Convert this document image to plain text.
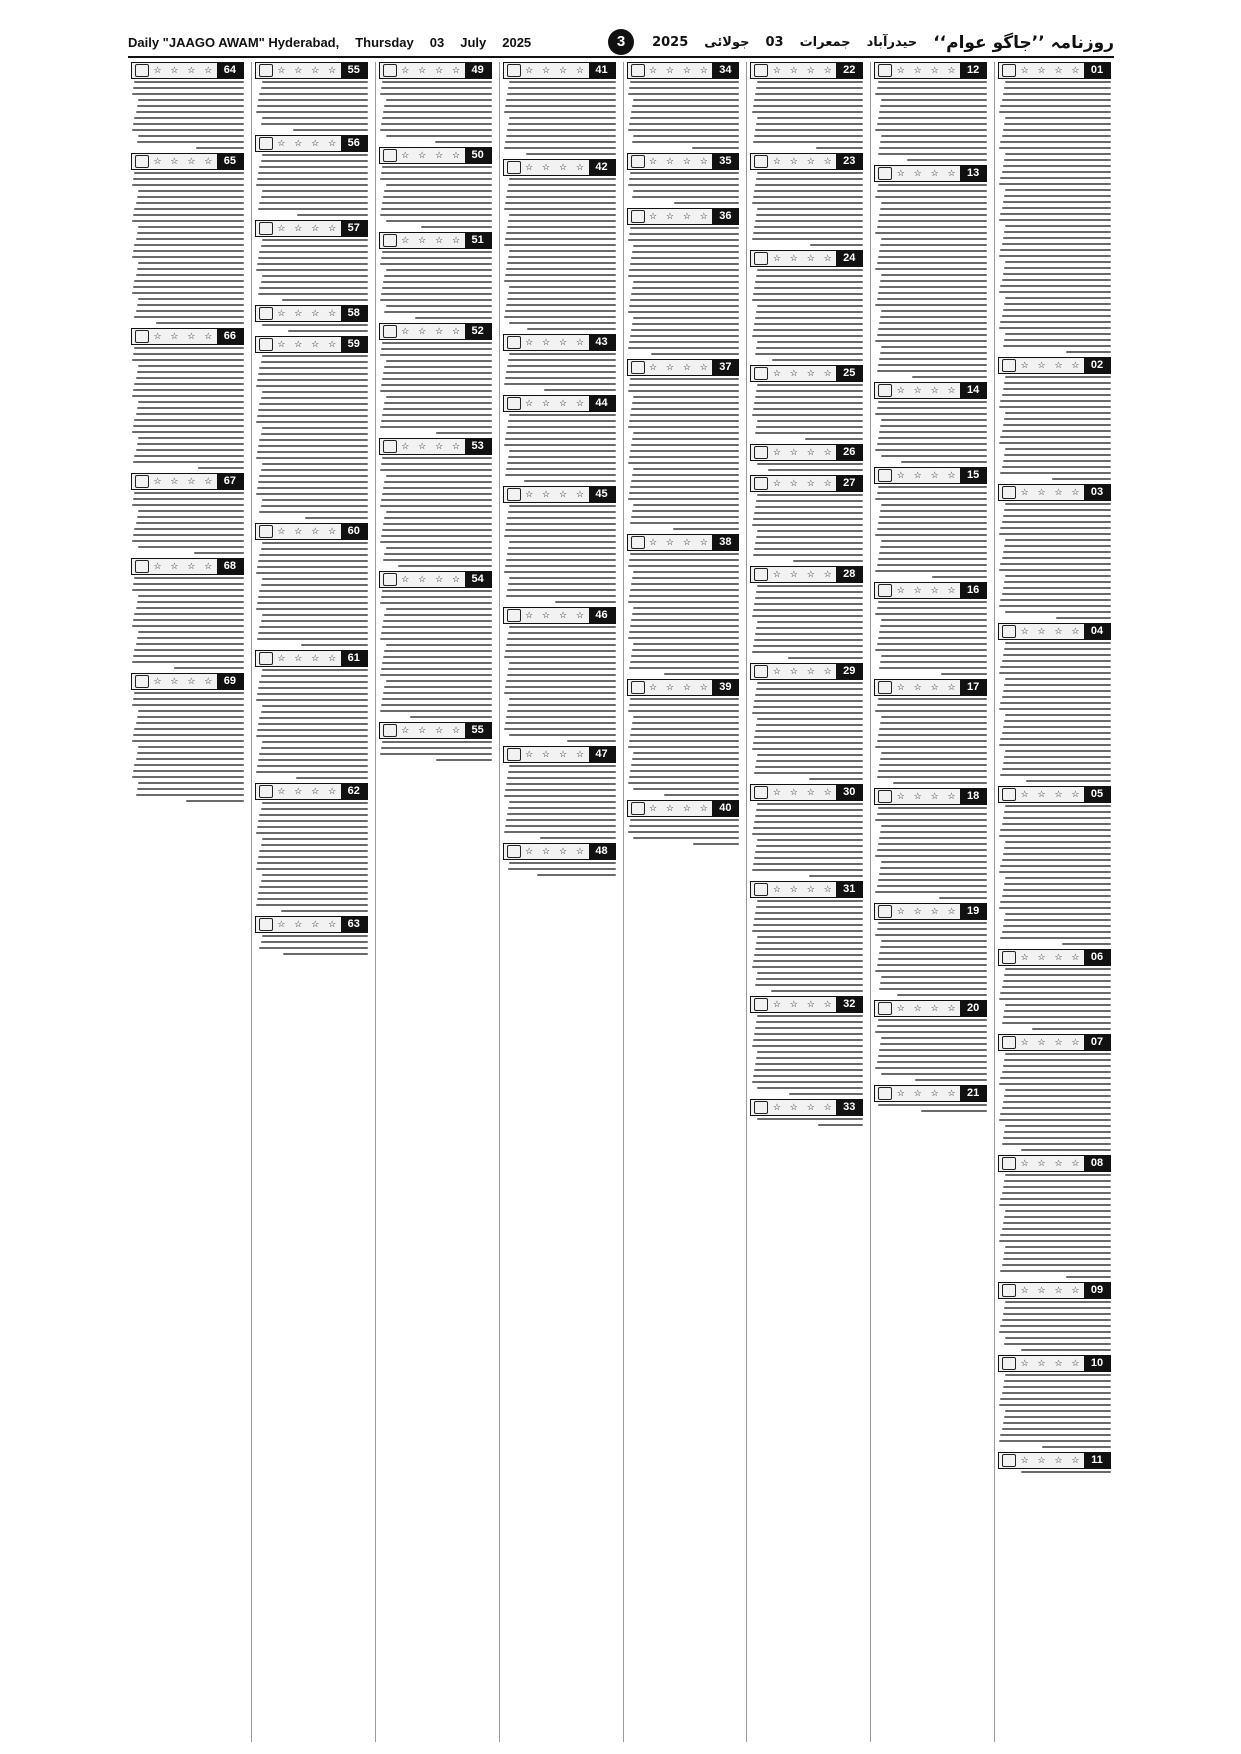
Daily "JAAGO AWAM" Hyderabad, Thursday 03 July 2025	3	روزنامہ ’’جاگو عوام‘‘
حیدرآباد
جمعرات
03
جولائی
2025
01
☆ ☆ ☆ ☆
02
☆ ☆ ☆ ☆
03
☆ ☆ ☆ ☆
04
☆ ☆ ☆ ☆
05
☆ ☆ ☆ ☆
06
☆ ☆ ☆ ☆
07
☆ ☆ ☆ ☆
08
☆ ☆ ☆ ☆
09
☆ ☆ ☆ ☆
10
☆ ☆ ☆ ☆
11
☆ ☆ ☆ ☆
12
☆ ☆ ☆ ☆
13
☆ ☆ ☆ ☆
14
☆ ☆ ☆ ☆
15
☆ ☆ ☆ ☆
16
☆ ☆ ☆ ☆
17
☆ ☆ ☆ ☆
18
☆ ☆ ☆ ☆
19
☆ ☆ ☆ ☆
20
☆ ☆ ☆ ☆
21
☆ ☆ ☆ ☆
22
☆ ☆ ☆ ☆
23
☆ ☆ ☆ ☆
24
☆ ☆ ☆ ☆
25
☆ ☆ ☆ ☆
26
☆ ☆ ☆ ☆
27
☆ ☆ ☆ ☆
28
☆ ☆ ☆ ☆
29
☆ ☆ ☆ ☆
30
☆ ☆ ☆ ☆
31
☆ ☆ ☆ ☆
32
☆ ☆ ☆ ☆
33
☆ ☆ ☆ ☆
34
☆ ☆ ☆ ☆
35
☆ ☆ ☆ ☆
36
☆ ☆ ☆ ☆
37
☆ ☆ ☆ ☆
38
☆ ☆ ☆ ☆
39
☆ ☆ ☆ ☆
40
☆ ☆ ☆ ☆
41
☆ ☆ ☆ ☆
42
☆ ☆ ☆ ☆
43
☆ ☆ ☆ ☆
44
☆ ☆ ☆ ☆
45
☆ ☆ ☆ ☆
46
☆ ☆ ☆ ☆
47
☆ ☆ ☆ ☆
48
☆ ☆ ☆ ☆
49
☆ ☆ ☆ ☆
50
☆ ☆ ☆ ☆
51
☆ ☆ ☆ ☆
52
☆ ☆ ☆ ☆
53
☆ ☆ ☆ ☆
54
☆ ☆ ☆ ☆
55
☆ ☆ ☆ ☆
55
☆ ☆ ☆ ☆
56
☆ ☆ ☆ ☆
57
☆ ☆ ☆ ☆
58
☆ ☆ ☆ ☆
59
☆ ☆ ☆ ☆
60
☆ ☆ ☆ ☆
61
☆ ☆ ☆ ☆
62
☆ ☆ ☆ ☆
63
☆ ☆ ☆ ☆
64
☆ ☆ ☆ ☆
65
☆ ☆ ☆ ☆
66
☆ ☆ ☆ ☆
67
☆ ☆ ☆ ☆
68
☆ ☆ ☆ ☆
69
☆ ☆ ☆ ☆
